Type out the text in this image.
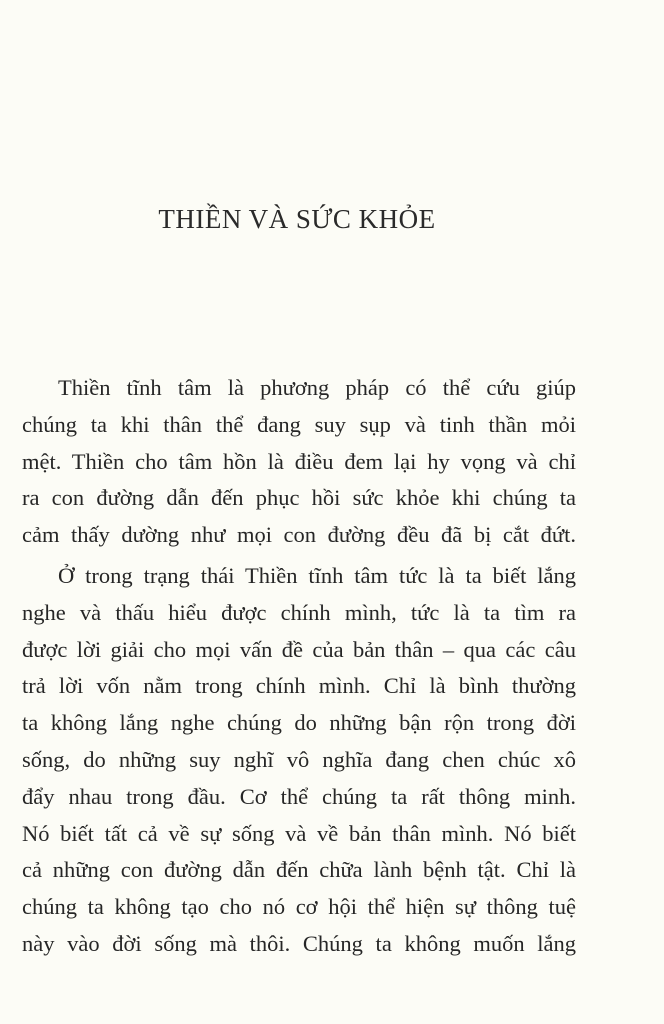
THIỀN VÀ SỨC KHỎE
Thiền tĩnh tâm là phương pháp có thể cứu giúp
chúng ta khi thân thể đang suy sụp và tinh thần mỏi
mệt. Thiền cho tâm hồn là điều đem lại hy vọng và chỉ
ra con đường dẫn đến phục hồi sức khỏe khi chúng ta
cảm thấy dường như mọi con đường đều đã bị cắt đứt.
Ở trong trạng thái Thiền tĩnh tâm tức là ta biết lắng
nghe và thấu hiểu được chính mình, tức là ta tìm ra
được lời giải cho mọi vấn đề của bản thân – qua các câu
trả lời vốn nằm trong chính mình. Chỉ là bình thường
ta không lắng nghe chúng do những bận rộn trong đời
sống, do những suy nghĩ vô nghĩa đang chen chúc xô
đẩy nhau trong đầu. Cơ thể chúng ta rất thông minh.
Nó biết tất cả về sự sống và về bản thân mình. Nó biết
cả những con đường dẫn đến chữa lành bệnh tật. Chỉ là
chúng ta không tạo cho nó cơ hội thể hiện sự thông tuệ
này vào đời sống mà thôi. Chúng ta không muốn lắng
